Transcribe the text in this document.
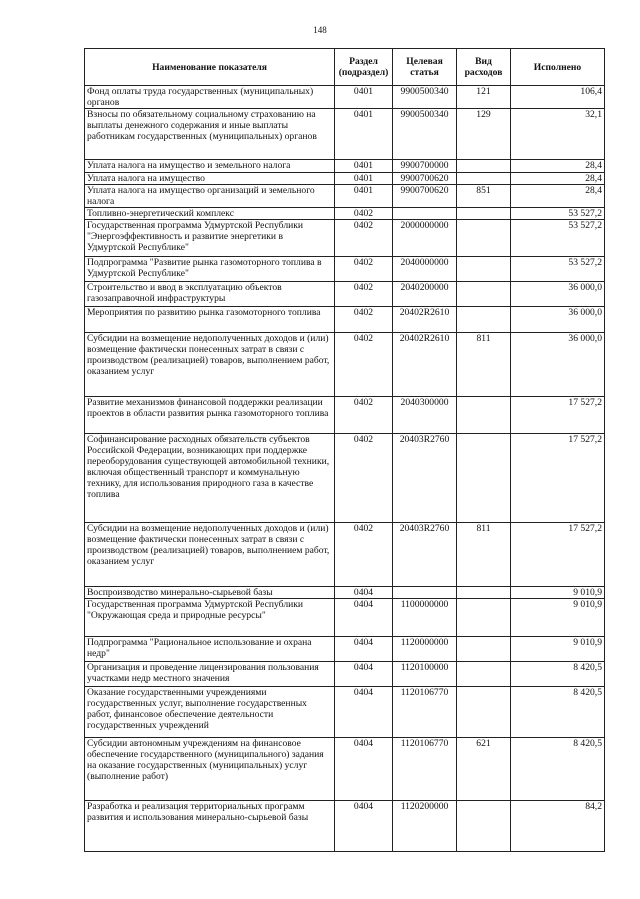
148
Наименование показателя	Раздел (подраздел)	Целевая статья	Вид расходов	Исполнено
Фонд оплаты труда государственных (муниципальных) органов	0401	9900500340	121	106,4
Взносы по обязательному социальному страхованию на выплаты денежного содержания и иные выплаты работникам государственных (муниципальных) органов	0401	9900500340	129	32,1
Уплата налога на имущество и земельного налога	0401	9900700000		28,4
Уплата налога на имущество	0401	9900700620		28,4
Уплата налога на имущество организаций и земельного налога	0401	9900700620	851	28,4
Топливно-энергетический комплекс	0402			53 527,2
Государственная программа Удмуртской Республики "Энергоэффективность и развитие энергетики в Удмуртской Республике"	0402	2000000000		53 527,2
Подпрограмма "Развитие рынка газомоторного топлива в Удмуртской Республике"	0402	2040000000		53 527,2
Строительство и ввод в эксплуатацию объектов газозаправочной инфраструктуры	0402	2040200000		36 000,0
Мероприятия по развитию рынка газомоторного топлива	0402	20402R2610		36 000,0
Субсидии на возмещение недополученных доходов и (или) возмещение фактически понесенных затрат в связи с производством (реализацией) товаров, выполнением работ, оказанием услуг	0402	20402R2610	811	36 000,0
Развитие механизмов финансовой поддержки реализации проектов в области развития рынка газомоторного топлива	0402	2040300000		17 527,2
Софинансирование расходных обязательств субъектов Российской Федерации, возникающих при поддержке переоборудования существующей автомобильной техники, включая общественный транспорт и коммунальную технику, для использования природного газа в качестве топлива	0402	20403R2760		17 527,2
Субсидии на возмещение недополученных доходов и (или) возмещение фактически понесенных затрат в связи с производством (реализацией) товаров, выполнением работ, оказанием услуг	0402	20403R2760	811	17 527,2
Воспроизводство минерально-сырьевой базы	0404			9 010,9
Государственная программа Удмуртской Республики "Окружающая среда и природные ресурсы"	0404	1100000000		9 010,9
Подпрограмма "Рациональное использование и охрана недр"	0404	1120000000		9 010,9
Организация и проведение лицензирования пользования участками недр местного значения	0404	1120100000		8 420,5
Оказание государственными учреждениями государственных услуг, выполнение государственных работ, финансовое обеспечение деятельности государственных учреждений	0404	1120106770		8 420,5
Субсидии автономным учреждениям на финансовое обеспечение государственного (муниципального) задания на оказание государственных (муниципальных) услуг (выполнение работ)	0404	1120106770	621	8 420,5
Разработка и реализация территориальных программ развития и использования минерально-сырьевой базы	0404	1120200000		84,2
